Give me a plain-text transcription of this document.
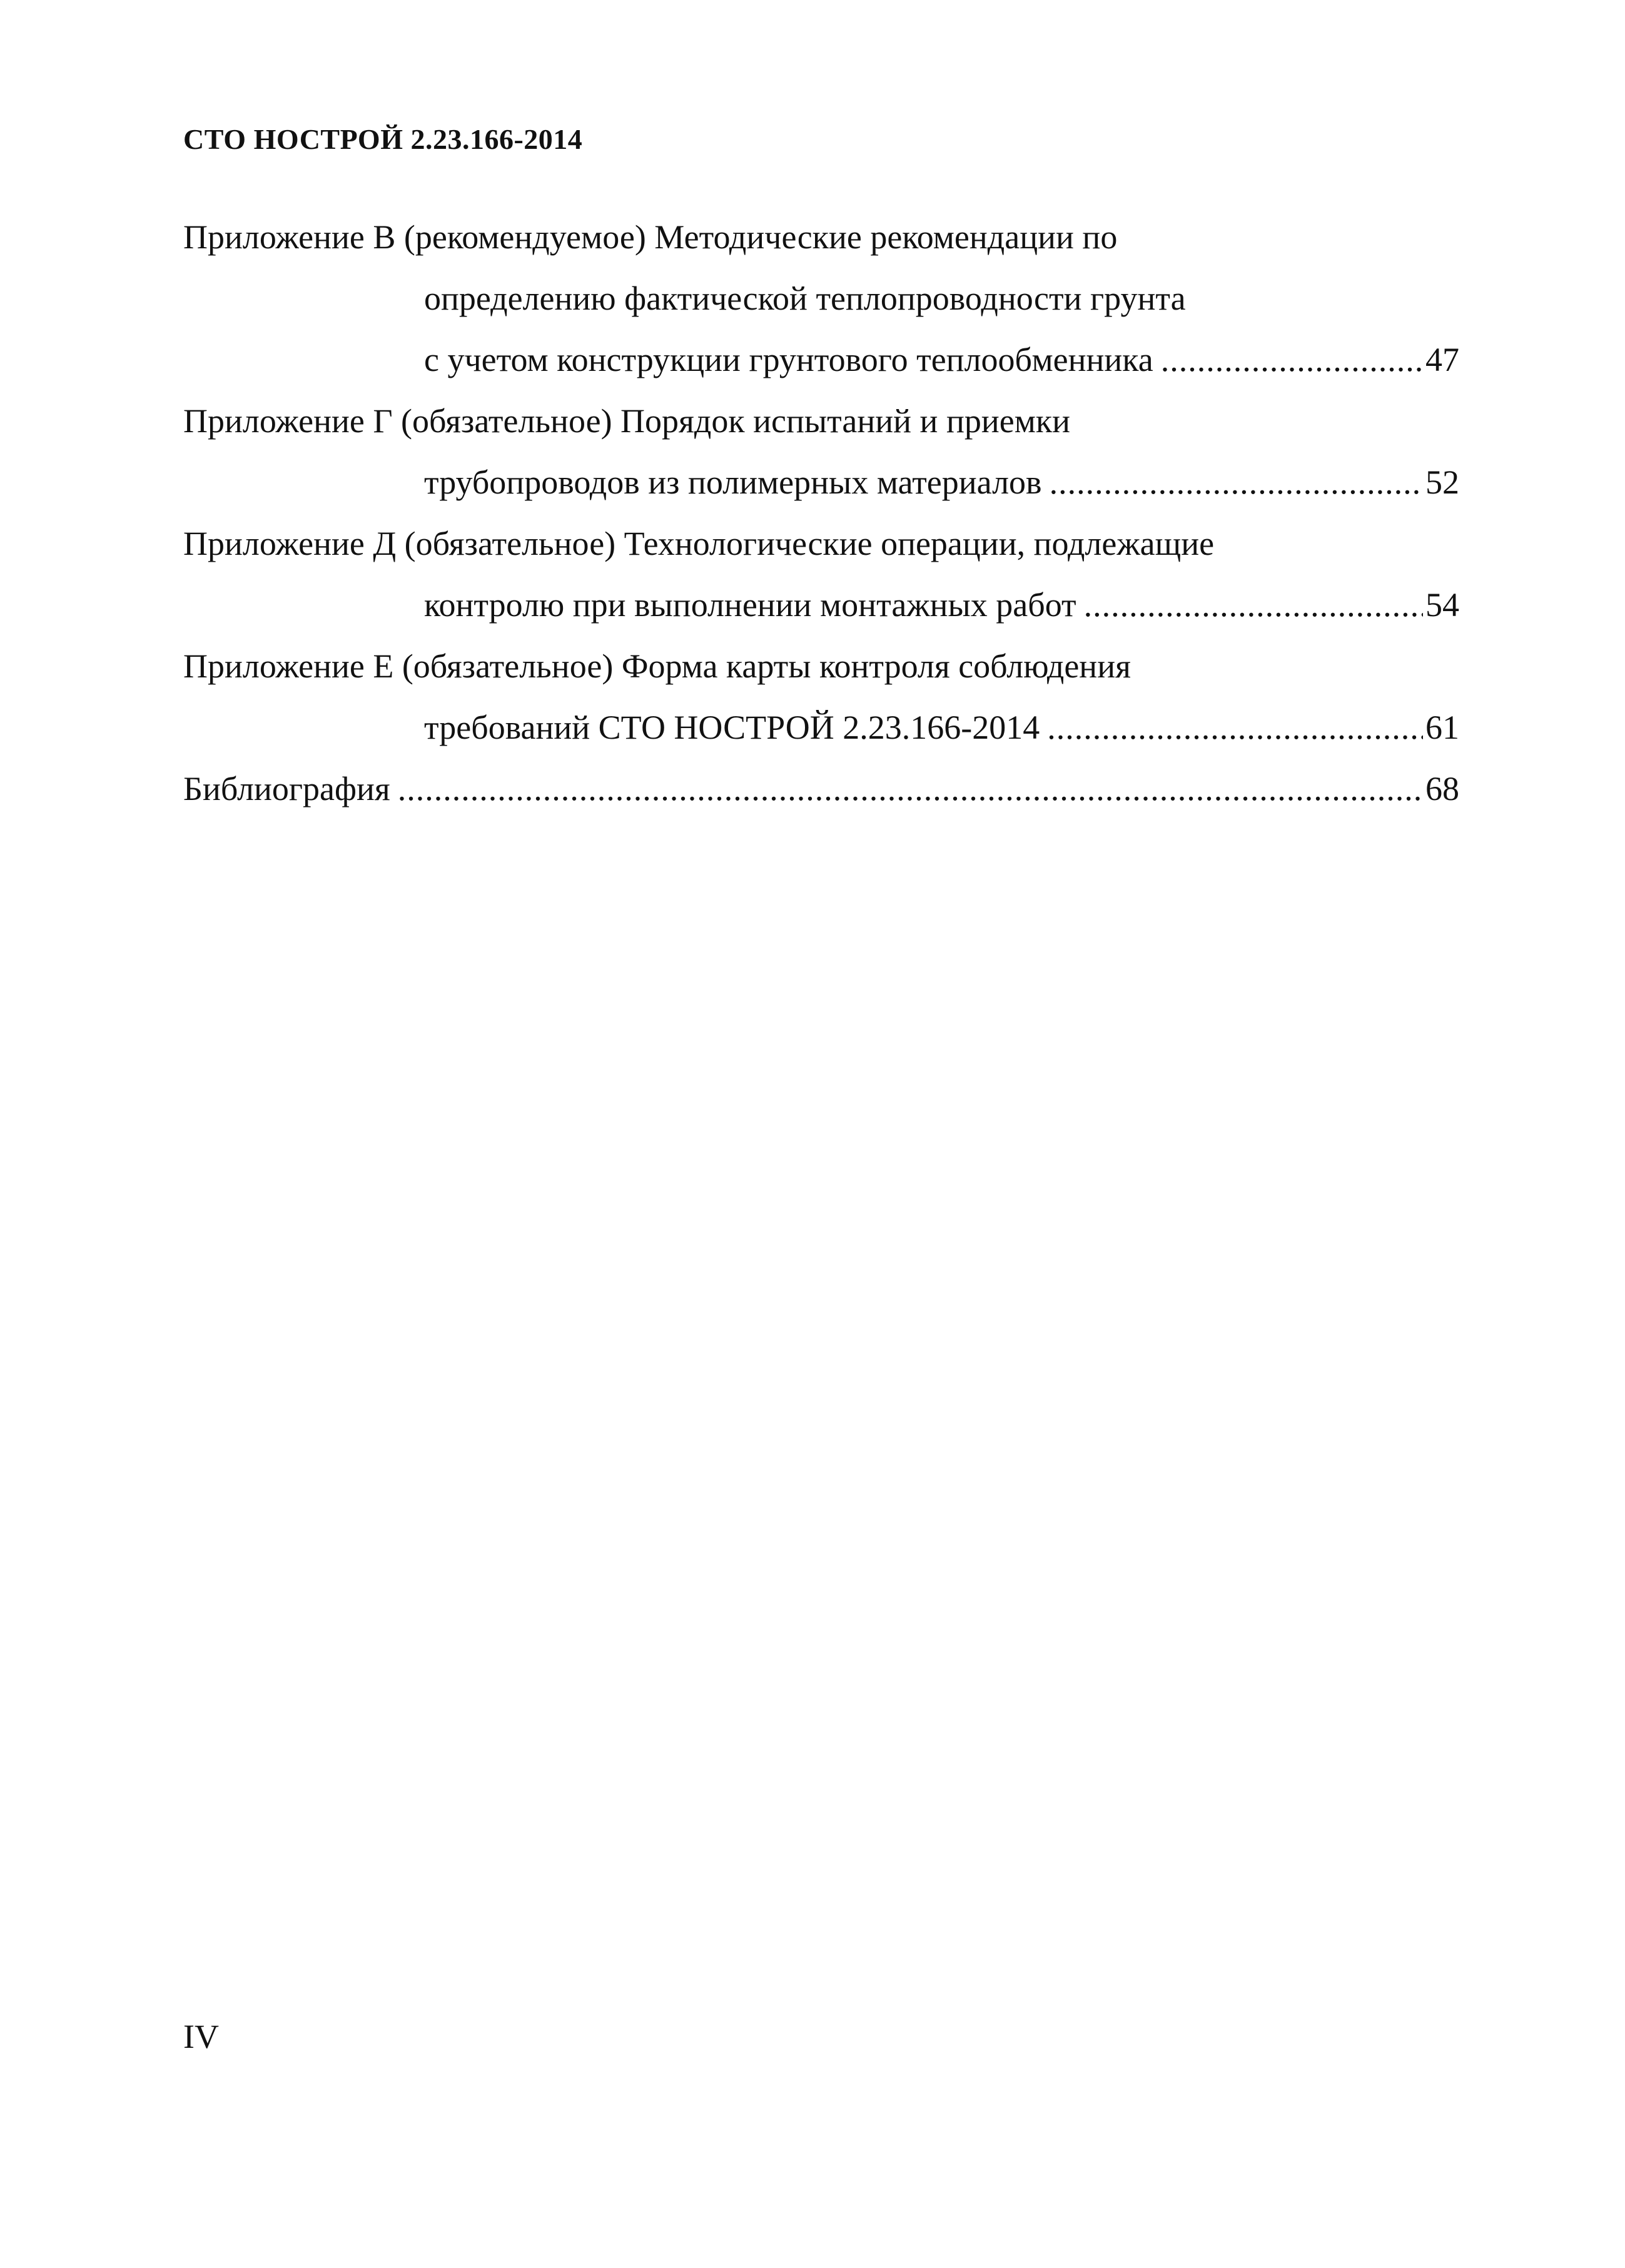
СТО НОСТРОЙ 2.23.166-2014
Приложение В (рекомендуемое) Методические рекомендации по
определению фактической теплопроводности грунта
с учетом конструкции грунтового теплообменника .....	47
Приложение Г (обязательное) Порядок испытаний и приемки
трубопроводов из полимерных материалов .....	52
Приложение Д (обязательное) Технологические операции, подлежащие
контролю при выполнении монтажных работ .....	54
Приложение Е (обязательное) Форма карты контроля соблюдения
требований СТО НОСТРОЙ 2.23.166-2014 .....	61
Библиография .....	68
IV
